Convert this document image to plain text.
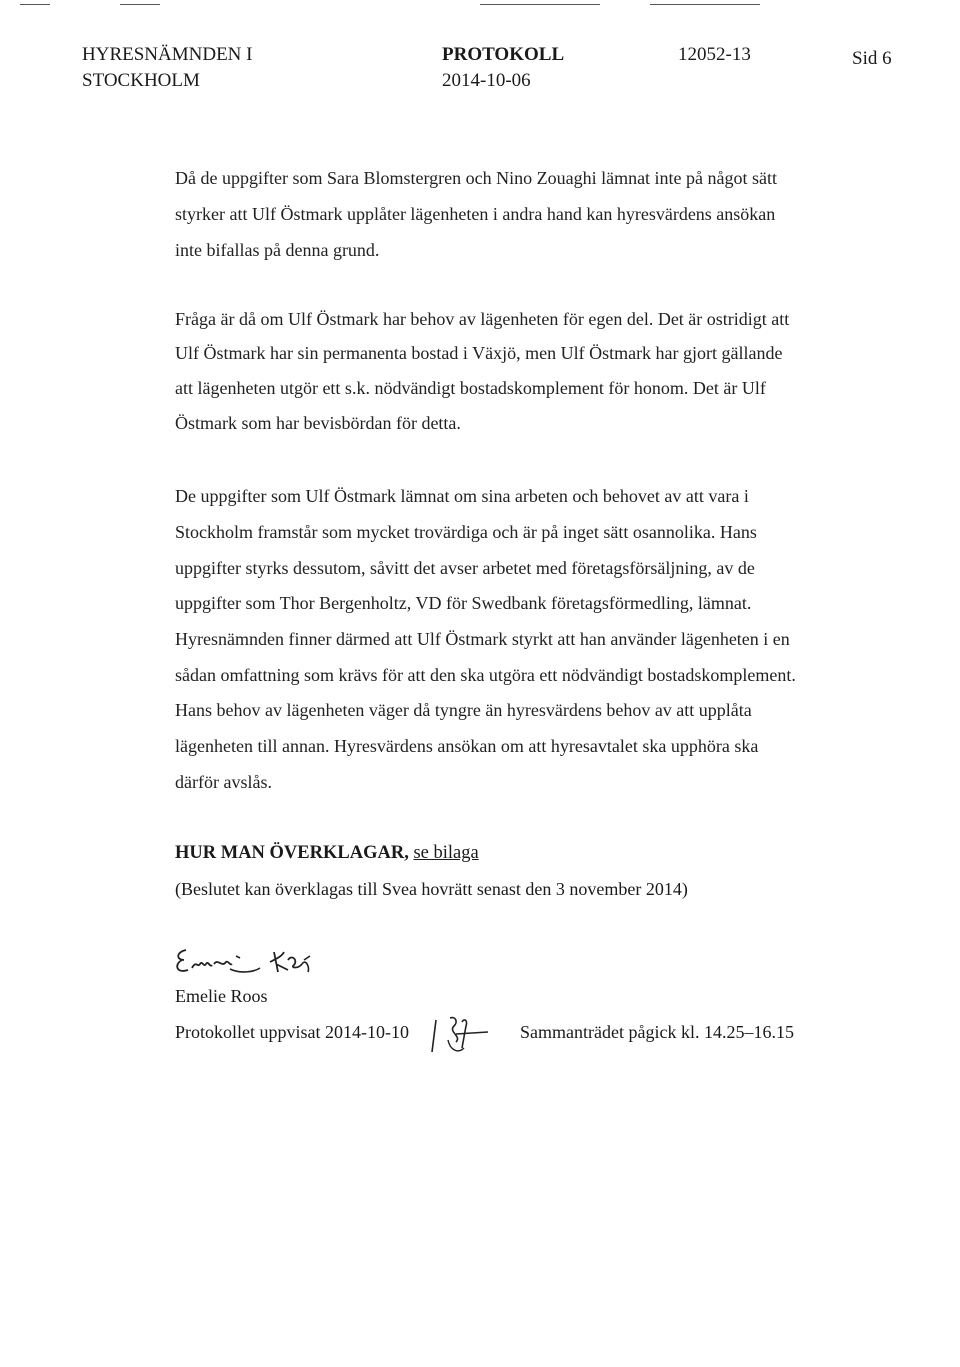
HYRESNÄMNDEN I
STOCKHOLM
PROTOKOLL
2014-10-06
12052-13	Sid 6
Då de uppgifter som Sara Blomstergren och Nino Zouaghi lämnat inte på något sätt
styrker att Ulf Östmark upplåter lägenheten i andra hand kan hyresvärdens ansökan
inte bifallas på denna grund.
Fråga är då om Ulf Östmark har behov av lägenheten för egen del. Det är ostridigt att
Ulf Östmark har sin permanenta bostad i Växjö, men Ulf Östmark har gjort gällande
att lägenheten utgör ett s.k. nödvändigt bostadskomplement för honom. Det är Ulf
Östmark som har bevisbördan för detta.
De uppgifter som Ulf Östmark lämnat om sina arbeten och behovet av att vara i
Stockholm framstår som mycket trovärdiga och är på inget sätt osannolika. Hans
uppgifter styrks dessutom, såvitt det avser arbetet med företagsförsäljning, av de
uppgifter som Thor Bergenholtz, VD för Swedbank företagsförmedling, lämnat.
Hyresnämnden finner därmed att Ulf Östmark styrkt att han använder lägenheten i en
sådan omfattning som krävs för att den ska utgöra ett nödvändigt bostadskomplement.
Hans behov av lägenheten väger då tyngre än hyresvärdens behov av att upplåta
lägenheten till annan. Hyresvärdens ansökan om att hyresavtalet ska upphöra ska
därför avslås.
HUR MAN ÖVERKLAGAR, se bilaga
(Beslutet kan överklagas till Svea hovrätt senast den 3 november 2014)
Emelie Roos
Protokollet uppvisat 2014-10-10	Sammanträdet pågick kl. 14.25–16.15
